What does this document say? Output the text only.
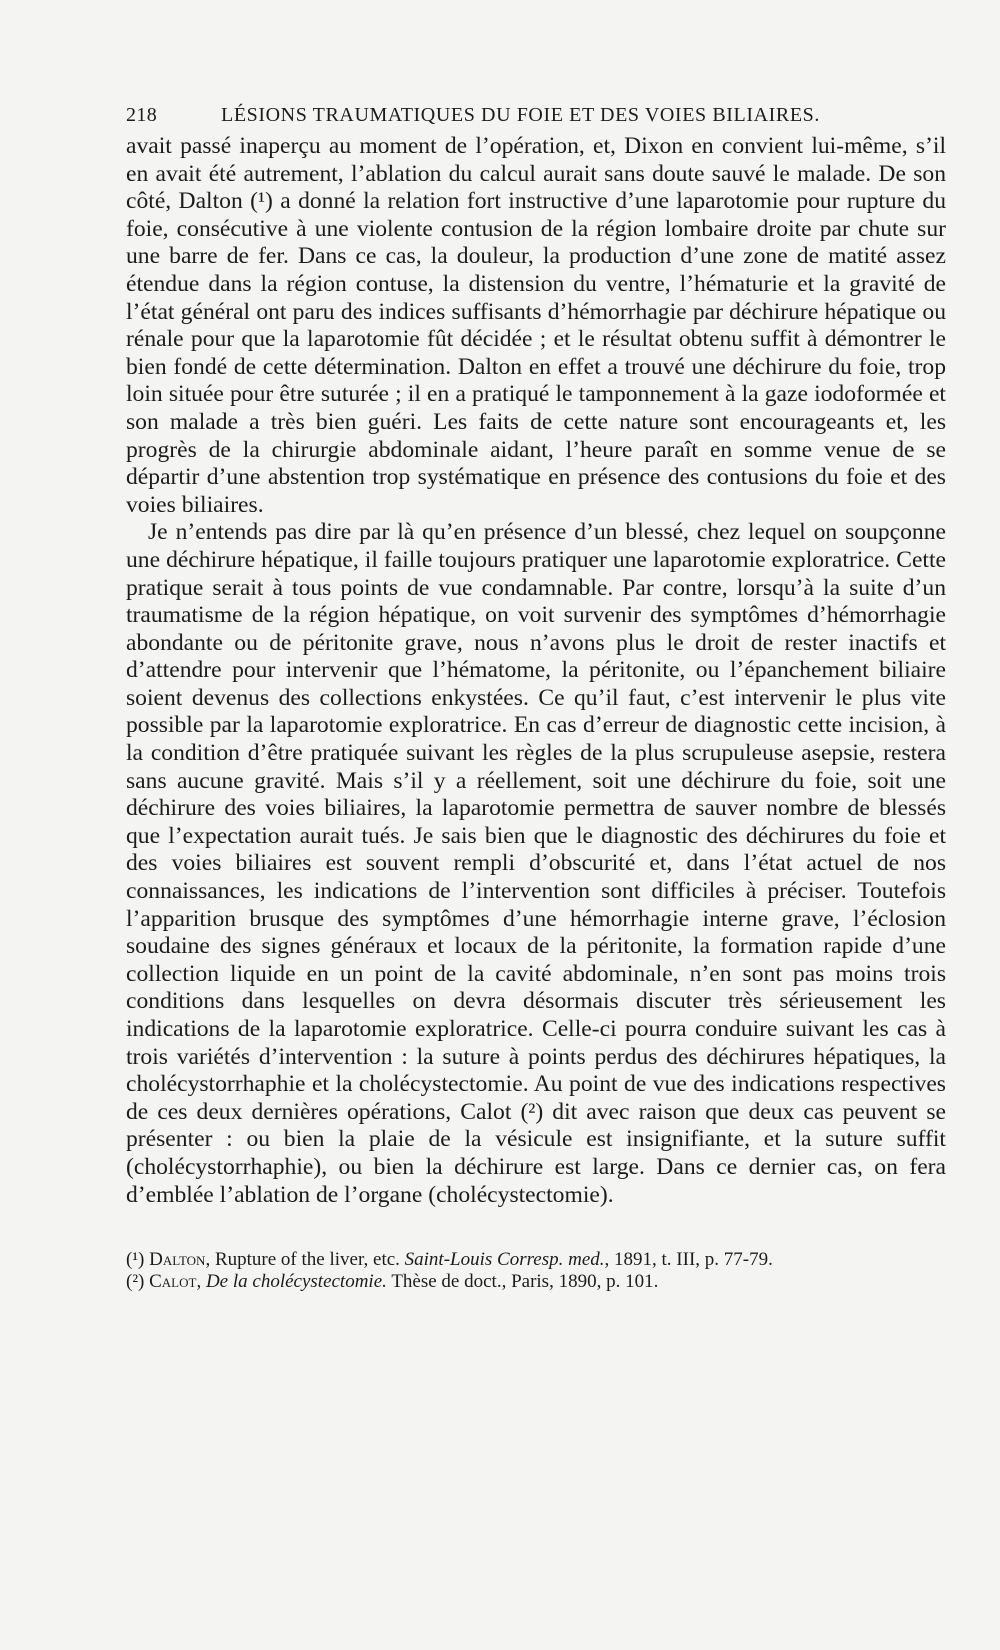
218	LÉSIONS TRAUMATIQUES DU FOIE ET DES VOIES BILIAIRES.

avait passé inaperçu au moment de l’opération, et, Dixon en convient lui-même, s’il en avait été autrement, l’ablation du calcul aurait sans doute sauvé le malade. De son côté, Dalton (¹) a donné la relation fort instructive d’une laparotomie pour rupture du foie, consécutive à une violente contusion de la région lombaire droite par chute sur une barre de fer. Dans ce cas, la douleur, la production d’une zone de matité assez étendue dans la région contuse, la distension du ventre, l’hématurie et la gravité de l’état général ont paru des indices suffisants d’hémorrhagie par déchirure hépatique ou rénale pour que la laparotomie fût décidée ; et le résultat obtenu suffit à démontrer le bien fondé de cette détermination. Dalton en effet a trouvé une déchirure du foie, trop loin située pour être suturée ; il en a pratiqué le tamponnement à la gaze iodoformée et son malade a très bien guéri. Les faits de cette nature sont encourageants et, les progrès de la chirurgie abdominale aidant, l’heure paraît en somme venue de se départir d’une abstention trop systématique en présence des contusions du foie et des voies biliaires.

Je n’entends pas dire par là qu’en présence d’un blessé, chez lequel on soupçonne une déchirure hépatique, il faille toujours pratiquer une laparotomie exploratrice. Cette pratique serait à tous points de vue condamnable. Par contre, lorsqu’à la suite d’un traumatisme de la région hépatique, on voit survenir des symptômes d’hémorrhagie abondante ou de péritonite grave, nous n’avons plus le droit de rester inactifs et d’attendre pour intervenir que l’hématome, la péritonite, ou l’épanchement biliaire soient devenus des collections enkystées. Ce qu’il faut, c’est intervenir le plus vite possible par la laparotomie exploratrice. En cas d’erreur de diagnostic cette incision, à la condition d’être pratiquée suivant les règles de la plus scrupuleuse asepsie, restera sans aucune gravité. Mais s’il y a réellement, soit une déchirure du foie, soit une déchirure des voies biliaires, la laparotomie permettra de sauver nombre de blessés que l’expectation aurait tués. Je sais bien que le diagnostic des déchirures du foie et des voies biliaires est souvent rempli d’obscurité et, dans l’état actuel de nos connaissances, les indications de l’intervention sont difficiles à préciser. Toutefois l’apparition brusque des symptômes d’une hémorrhagie interne grave, l’éclosion soudaine des signes généraux et locaux de la péritonite, la formation rapide d’une collection liquide en un point de la cavité abdominale, n’en sont pas moins trois conditions dans lesquelles on devra désormais discuter très sérieusement les indications de la laparotomie exploratrice. Celle-ci pourra conduire suivant les cas à trois variétés d’intervention : la suture à points perdus des déchirures hépatiques, la cholécystorrhaphie et la cholécystectomie. Au point de vue des indications respectives de ces deux dernières opérations, Calot (²) dit avec raison que deux cas peuvent se présenter : ou bien la plaie de la vésicule est insignifiante, et la suture suffit (cholécystorrhaphie), ou bien la déchirure est large. Dans ce dernier cas, on fera d’emblée l’ablation de l’organe (cholécystectomie).

(¹) Dalton, Rupture of the liver, etc. Saint-Louis Corresp. med., 1891, t. III, p. 77-79.

(²) Calot, De la cholécystectomie. Thèse de doct., Paris, 1890, p. 101.
